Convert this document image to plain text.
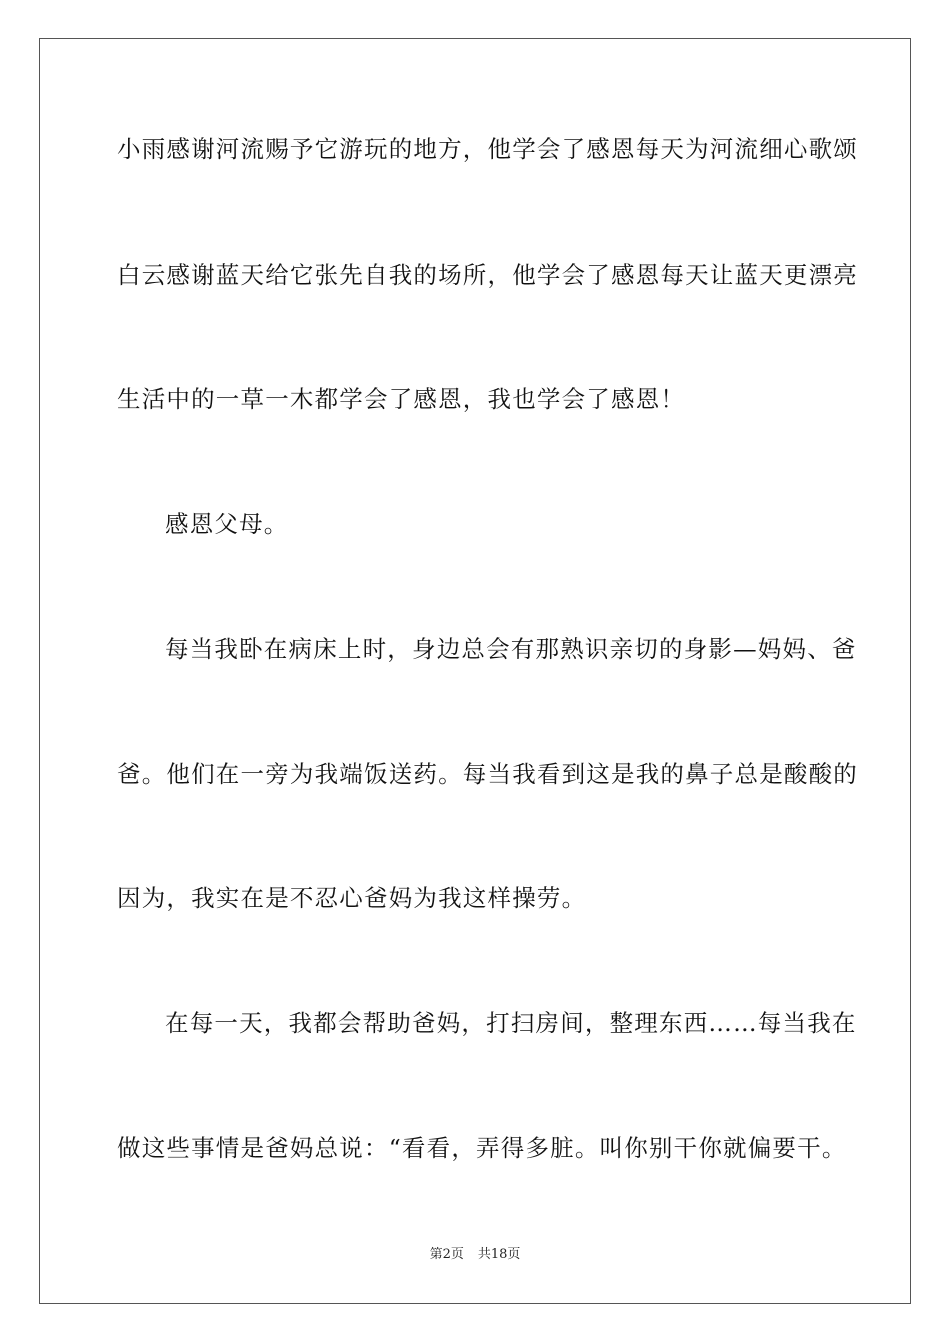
小雨感谢河流赐予它游玩的地方，他学会了感恩每天为河流细心歌颂
白云感谢蓝天给它张先自我的场所，他学会了感恩每天让蓝天更漂亮
生活中的一草一木都学会了感恩，我也学会了感恩！
感恩父母。
每当我卧在病床上时，身边总会有那熟识亲切的身影—妈妈、爸
爸。他们在一旁为我端饭送药。每当我看到这是我的鼻子总是酸酸的
因为，我实在是不忍心爸妈为我这样操劳。
在每一天，我都会帮助爸妈，打扫房间，整理东西……每当我在
做这些事情是爸妈总说：“看看，弄得多脏。叫你别干你就偏要干。
第2页 共18页
